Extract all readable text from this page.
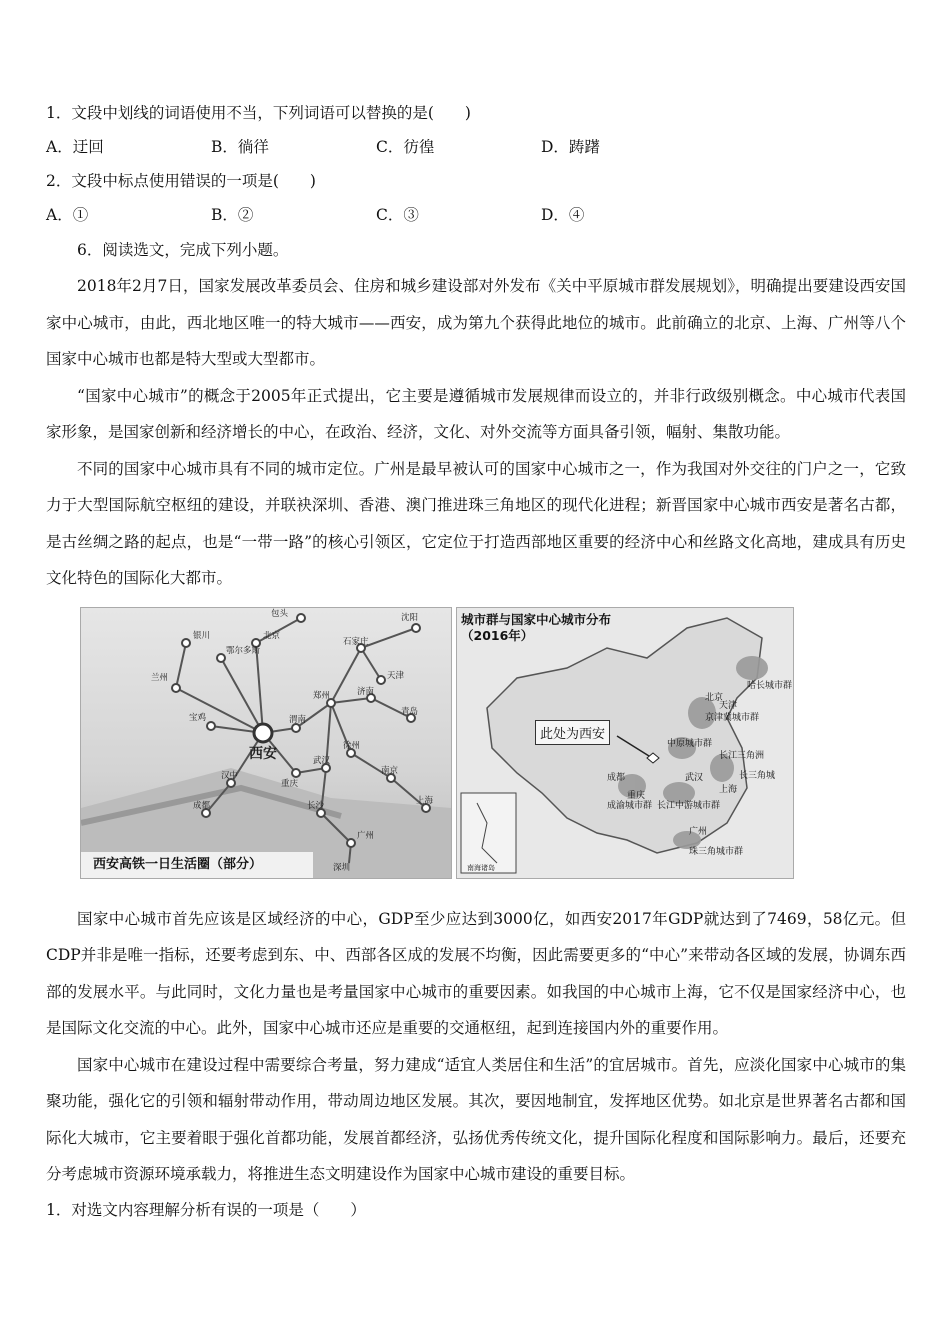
1．文段中划线的词语使用不当，下列词语可以替换的是(　　)
A．迂回	B．徜徉	C．彷徨	D．踌躇
2．文段中标点使用错误的一项是(　　)
A．①	B．②	C．③	D．④
6．阅读选文，完成下列小题。
2018年2月7日，国家发展改革委员会、住房和城乡建设部对外发布《关中平原城市群发展规划》，明确提出要建设西安国家中心城市，由此，西北地区唯一的特大城市——西安，成为第九个获得此地位的城市。此前确立的北京、上海、广州等八个国家中心城市也都是特大型或大型都市。
“国家中心城市”的概念于2005年正式提出，它主要是遵循城市发展规律而设立的，并非行政级别概念。中心城市代表国家形象，是国家创新和经济增长的中心，在政治、经济，文化、对外交流等方面具备引领，幅射、集散功能。
不同的国家中心城市具有不同的城市定位。广州是最早被认可的国家中心城市之一，作为我国对外交往的门户之一，它致力于大型国际航空枢纽的建设，并联袂深圳、香港、澳门推进珠三角地区的现代化进程；新晋国家中心城市西安是著名古都，是古丝绸之路的起点，也是“一带一路”的核心引领区，它定位于打造西部地区重要的经济中心和丝路文化高地，建成具有历史文化特色的国际化大都市。
西安
包头
银川
鄂尔多斯
北京
沈阳
兰州
石家庄
天津
济南
青岛
郑州
宝鸡	渭南
徐州
汉中
成都
武汉
南京
重庆
长沙	上海
广州
深圳
西安高铁一日生活圈（部分）
哈长城市群
北京
天津
京津冀城市群
中原城市群
长江三角洲
长三角城
成都
重庆
成渝城市群 长江中游城市群
武汉
上海
广州
珠三角城市群
南海诸岛
城市群与国家中心城市分布
（2016年）
此处为西安
国家中心城市首先应该是区域经济的中心，GDP至少应达到3000亿，如西安2017年GDP就达到了7469，58亿元。但CDP并非是唯一指标，还要考虑到东、中、西部各区成的发展不均衡，因此需要更多的“中心”来带动各区域的发展，协调东西部的发展水平。与此同时，文化力量也是考量国家中心城市的重要因素。如我国的中心城市上海，它不仅是国家经济中心，也是国际文化交流的中心。此外，国家中心城市还应是重要的交通枢纽，起到连接国内外的重要作用。
国家中心城市在建设过程中需要综合考量，努力建成“适宜人类居住和生活”的宜居城市。首先，应淡化国家中心城市的集聚功能，强化它的引领和辐射带动作用，带动周边地区发展。其次，要因地制宜，发挥地区优势。如北京是世界著名古都和国际化大城市，它主要着眼于强化首都功能，发展首都经济，弘扬优秀传统文化，提升国际化程度和国际影响力。最后，还要充分考虑城市资源环境承载力，将推进生态文明建设作为国家中心城市建设的重要目标。
1．对选文内容理解分析有误的一项是（　　）
